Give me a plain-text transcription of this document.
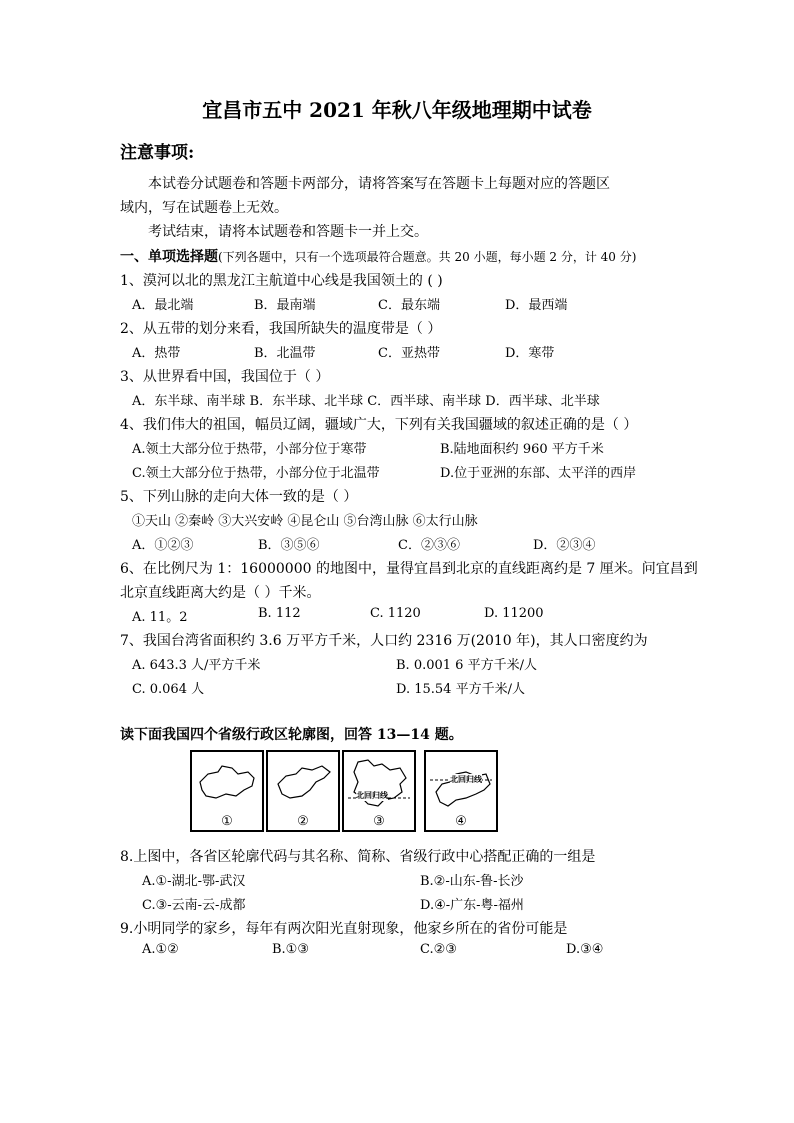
宜昌市五中 2021 年秋八年级地理期中试卷
注意事项:
本试卷分试题卷和答题卡两部分，请将答案写在答题卡上每题对应的答题区
域内，写在试题卷上无效。
考试结束，请将本试题卷和答题卡一并上交。
一、单项选择题(下列各题中，只有一个选项最符合题意。共 20 小题，每小题 2 分，计 40 分)
1、漠河以北的黑龙江主航道中心线是我国领土的 ( )
A．最北端	B．最南端	C．最东端	D．最西端
2、从五带的划分来看，我国所缺失的温度带是（ ）
A．热带	B．北温带	C．亚热带	D．寒带
3、从世界看中国，我国位于（ ）
A．东半球、南半球 B．东半球、北半球 C．西半球、南半球 D．西半球、北半球
4、我们伟大的祖国，幅员辽阔，疆域广大，下列有关我国疆域的叙述正确的是（ ）
A.领土大部分位于热带，小部分位于寒带	B.陆地面积约 960 平方千米
C.领土大部分位于热带，小部分位于北温带	D.位于亚洲的东部、太平洋的西岸
5、下列山脉的走向大体一致的是（ ）
①天山 ②秦岭 ③大兴安岭 ④昆仑山 ⑤台湾山脉 ⑥太行山脉
A．①②③	B．③⑤⑥	C．②③⑥	D．②③④
6、在比例尺为 1：16000000 的地图中，量得宜昌到北京的直线距离约是 7 厘米。问宜昌到
北京直线距离大约是（ ）千米。
A. 11。2	B. 112	C. 1120	D. 11200
7、我国台湾省面积约 3.6 万平方千米，人口约 2316 万(2010 年)，其人口密度约为
A. 643.3 人/平方千米	B. 0.001 6 平方千米/人
C. 0.064 人	D. 15.54 平方千米/人
读下面我国四个省级行政区轮廓图，回答 13—14 题。
①	②
北回归线
③
北回归线
④
8.上图中，各省区轮廓代码与其名称、简称、省级行政中心搭配正确的一组是
A.①-湖北-鄂-武汉	B.②-山东-鲁-长沙
C.③-云南-云-成都	D.④-广东-粤-福州
9.小明同学的家乡，每年有两次阳光直射现象，他家乡所在的省份可能是
A.①②	B.①③	C.②③	D.③④
